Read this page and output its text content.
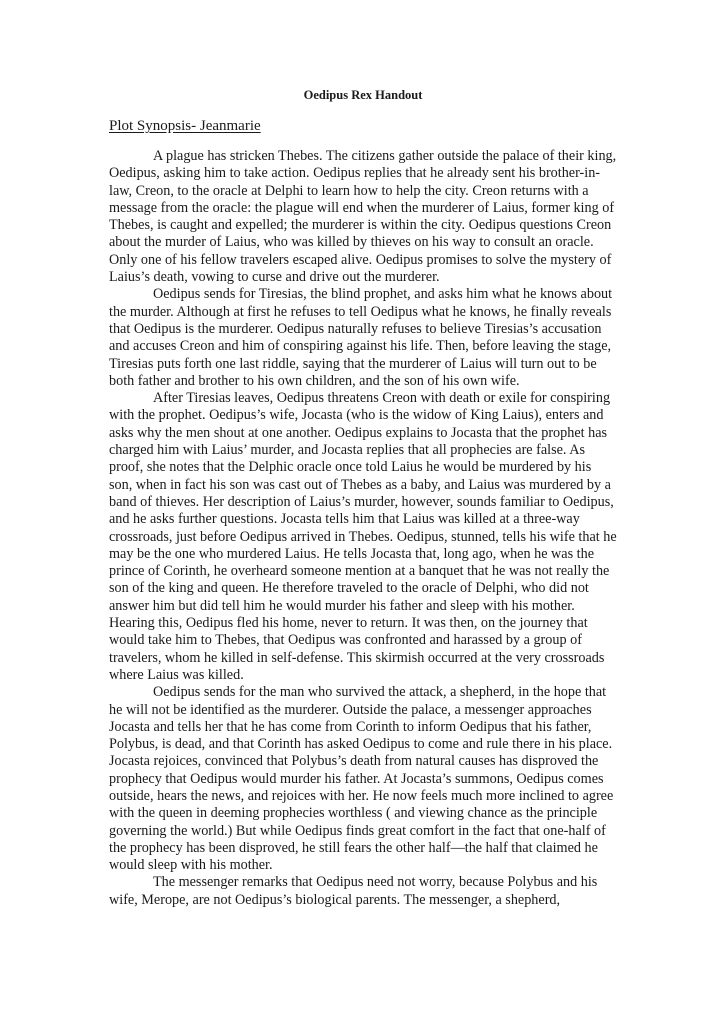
Oedipus Rex Handout
Plot Synopsis- Jeanmarie

A plague has stricken Thebes. The citizens gather outside the palace of their king, Oedipus, asking him to take action. Oedipus replies that he already sent his brother-in-law, Creon, to the oracle at Delphi to learn how to help the city. Creon returns with a message from the oracle: the plague will end when the murderer of Laius, former king of Thebes, is caught and expelled; the murderer is within the city. Oedipus questions Creon about the murder of Laius, who was killed by thieves on his way to consult an oracle. Only one of his fellow travelers escaped alive. Oedipus promises to solve the mystery of Laius’s death, vowing to curse and drive out the murderer.

Oedipus sends for Tiresias, the blind prophet, and asks him what he knows about the murder. Although at first he refuses to tell Oedipus what he knows, he finally reveals that Oedipus is the murderer. Oedipus naturally refuses to believe Tiresias’s accusation and accuses Creon and him of conspiring against his life. Then, before leaving the stage, Tiresias puts forth one last riddle, saying that the murderer of Laius will turn out to be

both father and brother to his own children, and the son of his own wife.

After Tiresias leaves, Oedipus threatens Creon with death or exile for conspiring with the prophet. Oedipus’s wife, Jocasta (who is the widow of King Laius), enters and asks why the men shout at one another. Oedipus explains to Jocasta that the prophet has charged him with Laius’ murder, and Jocasta replies that all prophecies are false. As proof, she notes that the Delphic oracle once told Laius he would be murdered by his son, when in fact his son was cast out of Thebes as a baby, and Laius was murdered by a band of thieves. Her description of Laius’s murder, however, sounds familiar to Oedipus, and he asks further questions. Jocasta tells him that Laius was killed at a three-way crossroads, just before Oedipus arrived in Thebes. Oedipus, stunned, tells his wife that he may be the one who murdered Laius. He tells Jocasta that, long ago, when he was the prince of Corinth, he overheard someone mention at a banquet that he was not really the son of the king and queen. He therefore traveled to the oracle of Delphi, who did not answer him but did tell him he would murder his father and sleep with his mother. Hearing this, Oedipus fled his home, never to return. It was then, on the journey that would take him to Thebes, that Oedipus was confronted and harassed by a group of travelers, whom he killed in self-defense. This skirmish occurred at the very crossroads where Laius was killed.

Oedipus sends for the man who survived the attack, a shepherd, in the hope that he will not be identified as the murderer. Outside the palace, a messenger approaches Jocasta and tells her that he has come from Corinth to inform Oedipus that his father, Polybus, is dead, and that Corinth has asked Oedipus to come and rule there in his place. Jocasta rejoices, convinced that Polybus’s death from natural causes has disproved the prophecy that Oedipus would murder his father. At Jocasta’s summons, Oedipus comes outside, hears the news, and rejoices with her. He now feels much more inclined to agree with the queen in deeming prophecies worthless ( and viewing chance as the principle governing the world.) But while Oedipus finds great comfort in the fact that one-half of the prophecy has been disproved, he still fears the other half—the half that claimed he would sleep with his mother.

The messenger remarks that Oedipus need not worry, because Polybus and his wife, Merope, are not Oedipus’s biological parents. The messenger, a shepherd,
